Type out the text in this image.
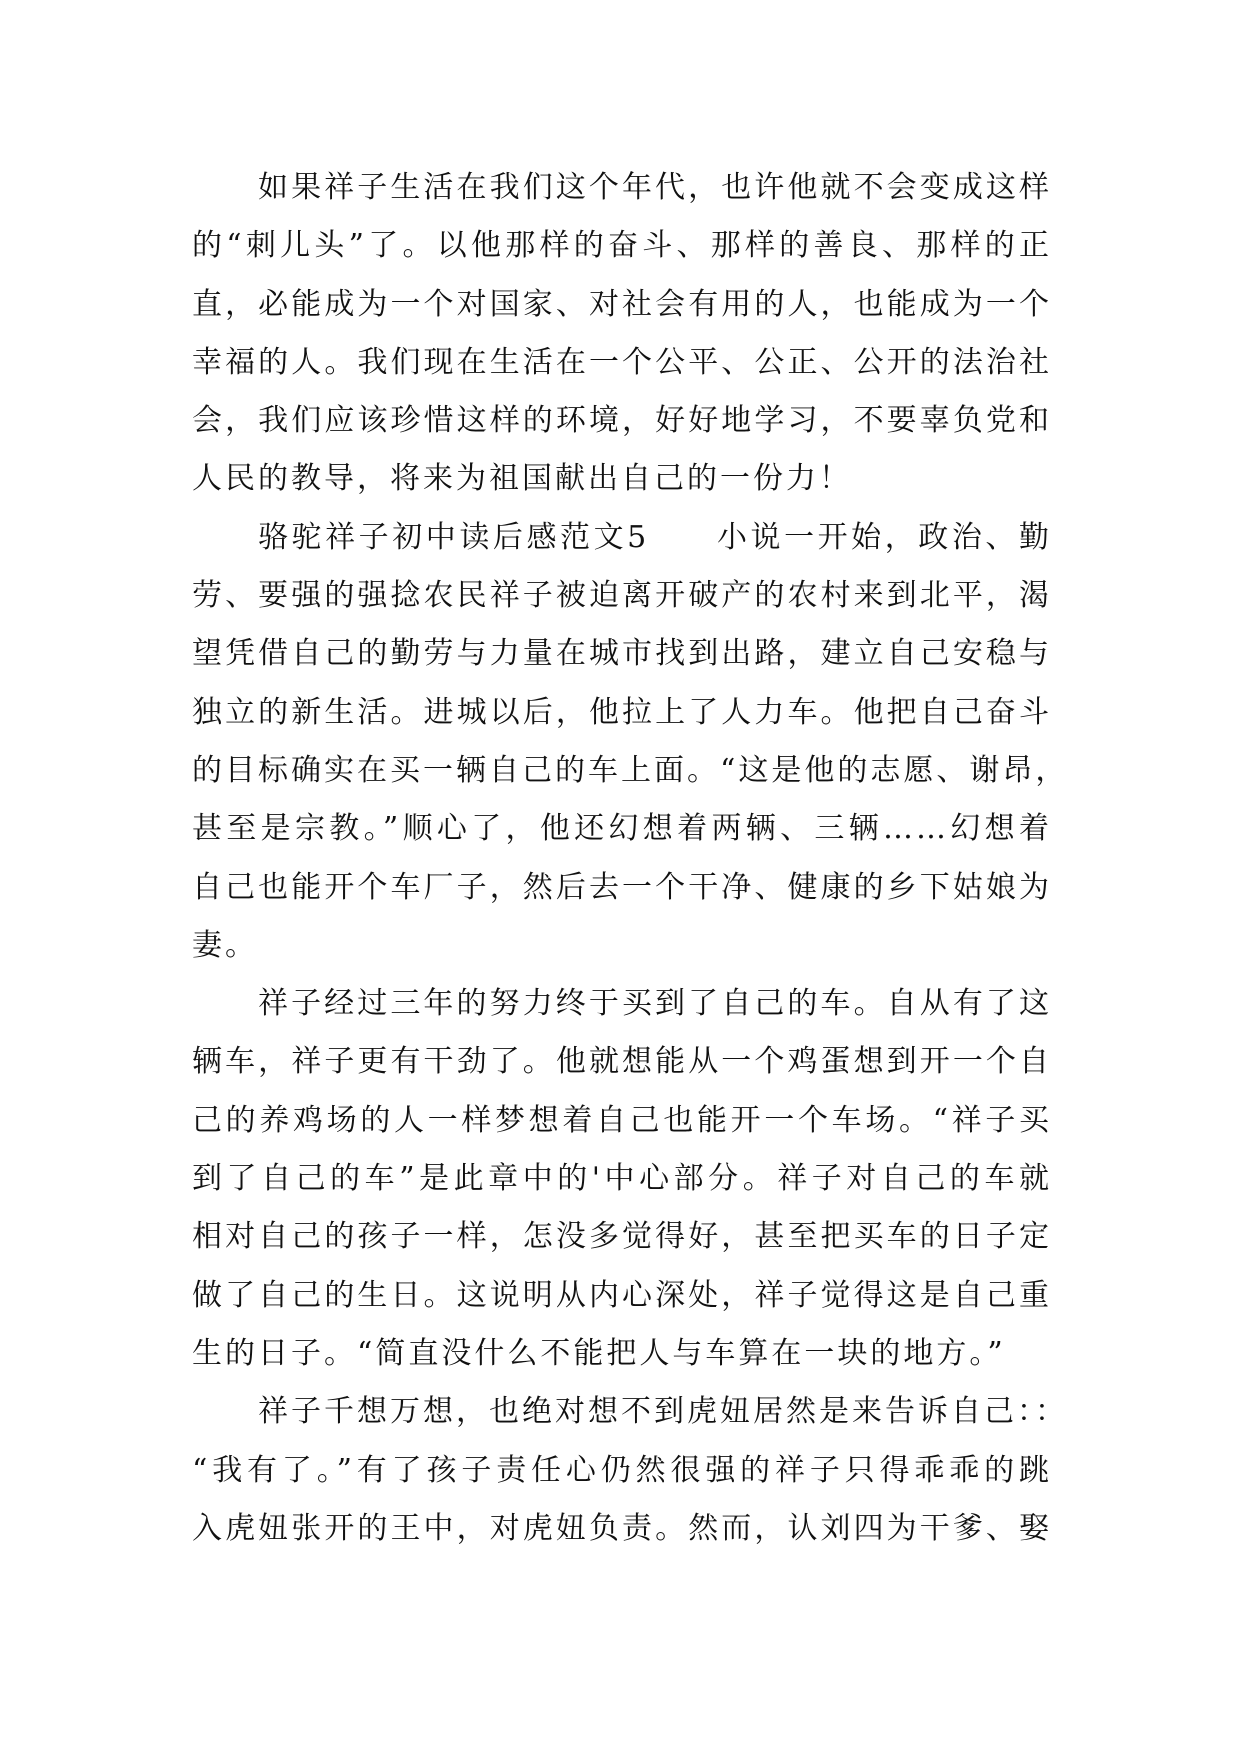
如果祥子生活在我们这个年代，也许他就不会变成这样
的“刺儿头”了。以他那样的奋斗、那样的善良、那样的正
直，必能成为一个对国家、对社会有用的人，也能成为一个
幸福的人。我们现在生活在一个公平、公正、公开的法治社
会，我们应该珍惜这样的环境，好好地学习，不要辜负党和
人民的教导，将来为祖国献出自己的一份力！
骆驼祥子初中读后感范文5　　小说一开始，政治、勤
劳、要强的强捻农民祥子被迫离开破产的农村来到北平，渴
望凭借自己的勤劳与力量在城市找到出路，建立自己安稳与
独立的新生活。进城以后，他拉上了人力车。他把自己奋斗
的目标确实在买一辆自己的车上面。“这是他的志愿、谢昂，
甚至是宗教。”顺心了，他还幻想着两辆、三辆……幻想着
自己也能开个车厂子，然后去一个干净、健康的乡下姑娘为
妻。
祥子经过三年的努力终于买到了自己的车。自从有了这
辆车，祥子更有干劲了。他就想能从一个鸡蛋想到开一个自
己的养鸡场的人一样梦想着自己也能开一个车场。“祥子买
到了自己的车”是此章中的'中心部分。祥子对自己的车就
相对自己的孩子一样，怎没多觉得好，甚至把买车的日子定
做了自己的生日。这说明从内心深处，祥子觉得这是自己重
生的日子。“简直没什么不能把人与车算在一块的地方。”
祥子千想万想，也绝对想不到虎妞居然是来告诉自己：：
“我有了。”有了孩子责任心仍然很强的祥子只得乖乖的跳
入虎妞张开的王中，对虎妞负责。然而，认刘四为干爹、娶
